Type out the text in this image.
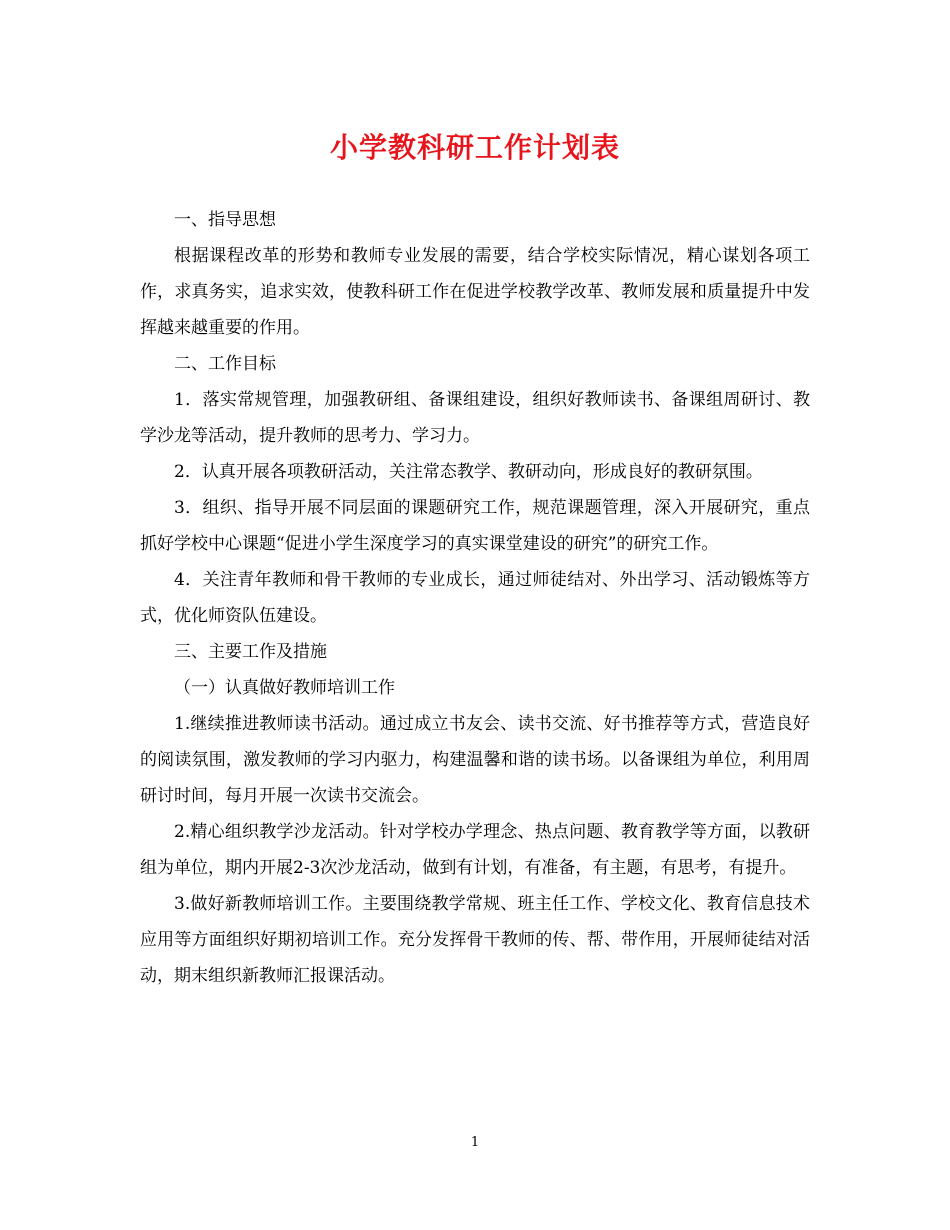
小学教科研工作计划表

一、指导思想

根据课程改革的形势和教师专业发展的需要，结合学校实际情况，精心谋划各项工作，求真务实，追求实效，使教科研工作在促进学校教学改革、教师发展和质量提升中发挥越来越重要的作用。

二、工作目标

1．落实常规管理，加强教研组、备课组建设，组织好教师读书、备课组周研讨、教学沙龙等活动，提升教师的思考力、学习力。

2．认真开展各项教研活动，关注常态教学、教研动向，形成良好的教研氛围。

3．组织、指导开展不同层面的课题研究工作，规范课题管理，深入开展研究，重点抓好学校中心课题“促进小学生深度学习的真实课堂建设的研究”的研究工作。

4．关注青年教师和骨干教师的专业成长，通过师徒结对、外出学习、活动锻炼等方式，优化师资队伍建设。

三、主要工作及措施

（一）认真做好教师培训工作

1.继续推进教师读书活动。通过成立书友会、读书交流、好书推荐等方式，营造良好的阅读氛围，激发教师的学习内驱力，构建温馨和谐的读书场。以备课组为单位，利用周研讨时间，每月开展一次读书交流会。

2.精心组织教学沙龙活动。针对学校办学理念、热点问题、教育教学等方面，以教研组为单位，期内开展2-3次沙龙活动，做到有计划，有准备，有主题，有思考，有提升。

3.做好新教师培训工作。主要围绕教学常规、班主任工作、学校文化、教育信息技术应用等方面组织好期初培训工作。充分发挥骨干教师的传、帮、带作用，开展师徒结对活动，期末组织新教师汇报课活动。

1
